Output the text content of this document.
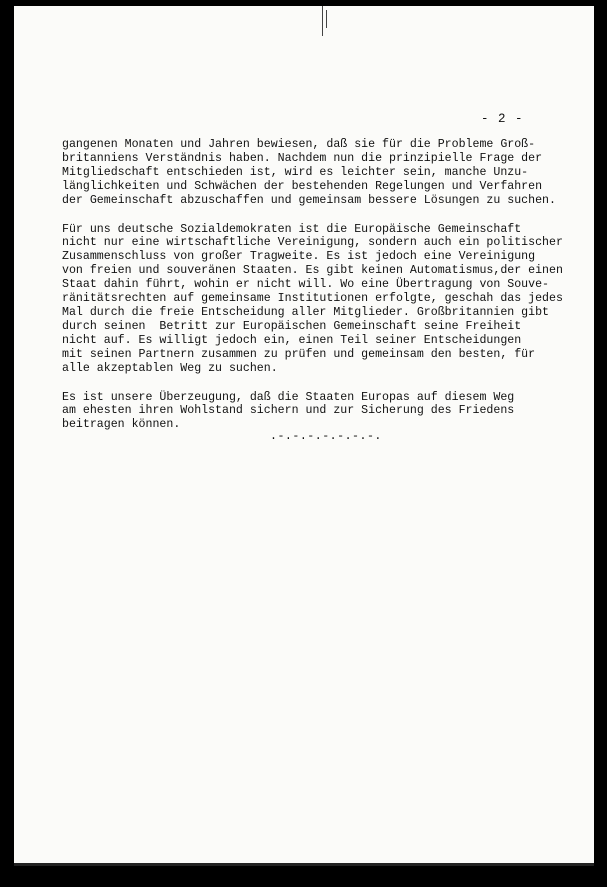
- 2 -

gangenen Monaten und Jahren bewiesen, daß sie für die Probleme Groß-
britanniens Verständnis haben. Nachdem nun die prinzipielle Frage der
Mitgliedschaft entschieden ist, wird es leichter sein, manche Unzu-
länglichkeiten und Schwächen der bestehenden Regelungen und Verfahren
der Gemeinschaft abzuschaffen und gemeinsam bessere Lösungen zu suchen.

Für uns deutsche Sozialdemokraten ist die Europäische Gemeinschaft
nicht nur eine wirtschaftliche Vereinigung, sondern auch ein politischer
Zusammenschluss von großer Tragweite. Es ist jedoch eine Vereinigung
von freien und souveränen Staaten. Es gibt keinen Automatismus,der einen
Staat dahin führt, wohin er nicht will. Wo eine Übertragung von Souve-
ränitätsrechten auf gemeinsame Institutionen erfolgte, geschah das jedes
Mal durch die freie Entscheidung aller Mitglieder. Großbritannien gibt
durch seinen  Betritt zur Europäischen Gemeinschaft seine Freiheit
nicht auf. Es willigt jedoch ein, einen Teil seiner Entscheidungen
mit seinen Partnern zusammen zu prüfen und gemeinsam den besten, für
alle akzeptablen Weg zu suchen.

Es ist unsere Überzeugung, daß die Staaten Europas auf diesem Weg
am ehesten ihren Wohlstand sichern und zur Sicherung des Friedens
beitragen können.

.-.-.-.-.-.-.-.
